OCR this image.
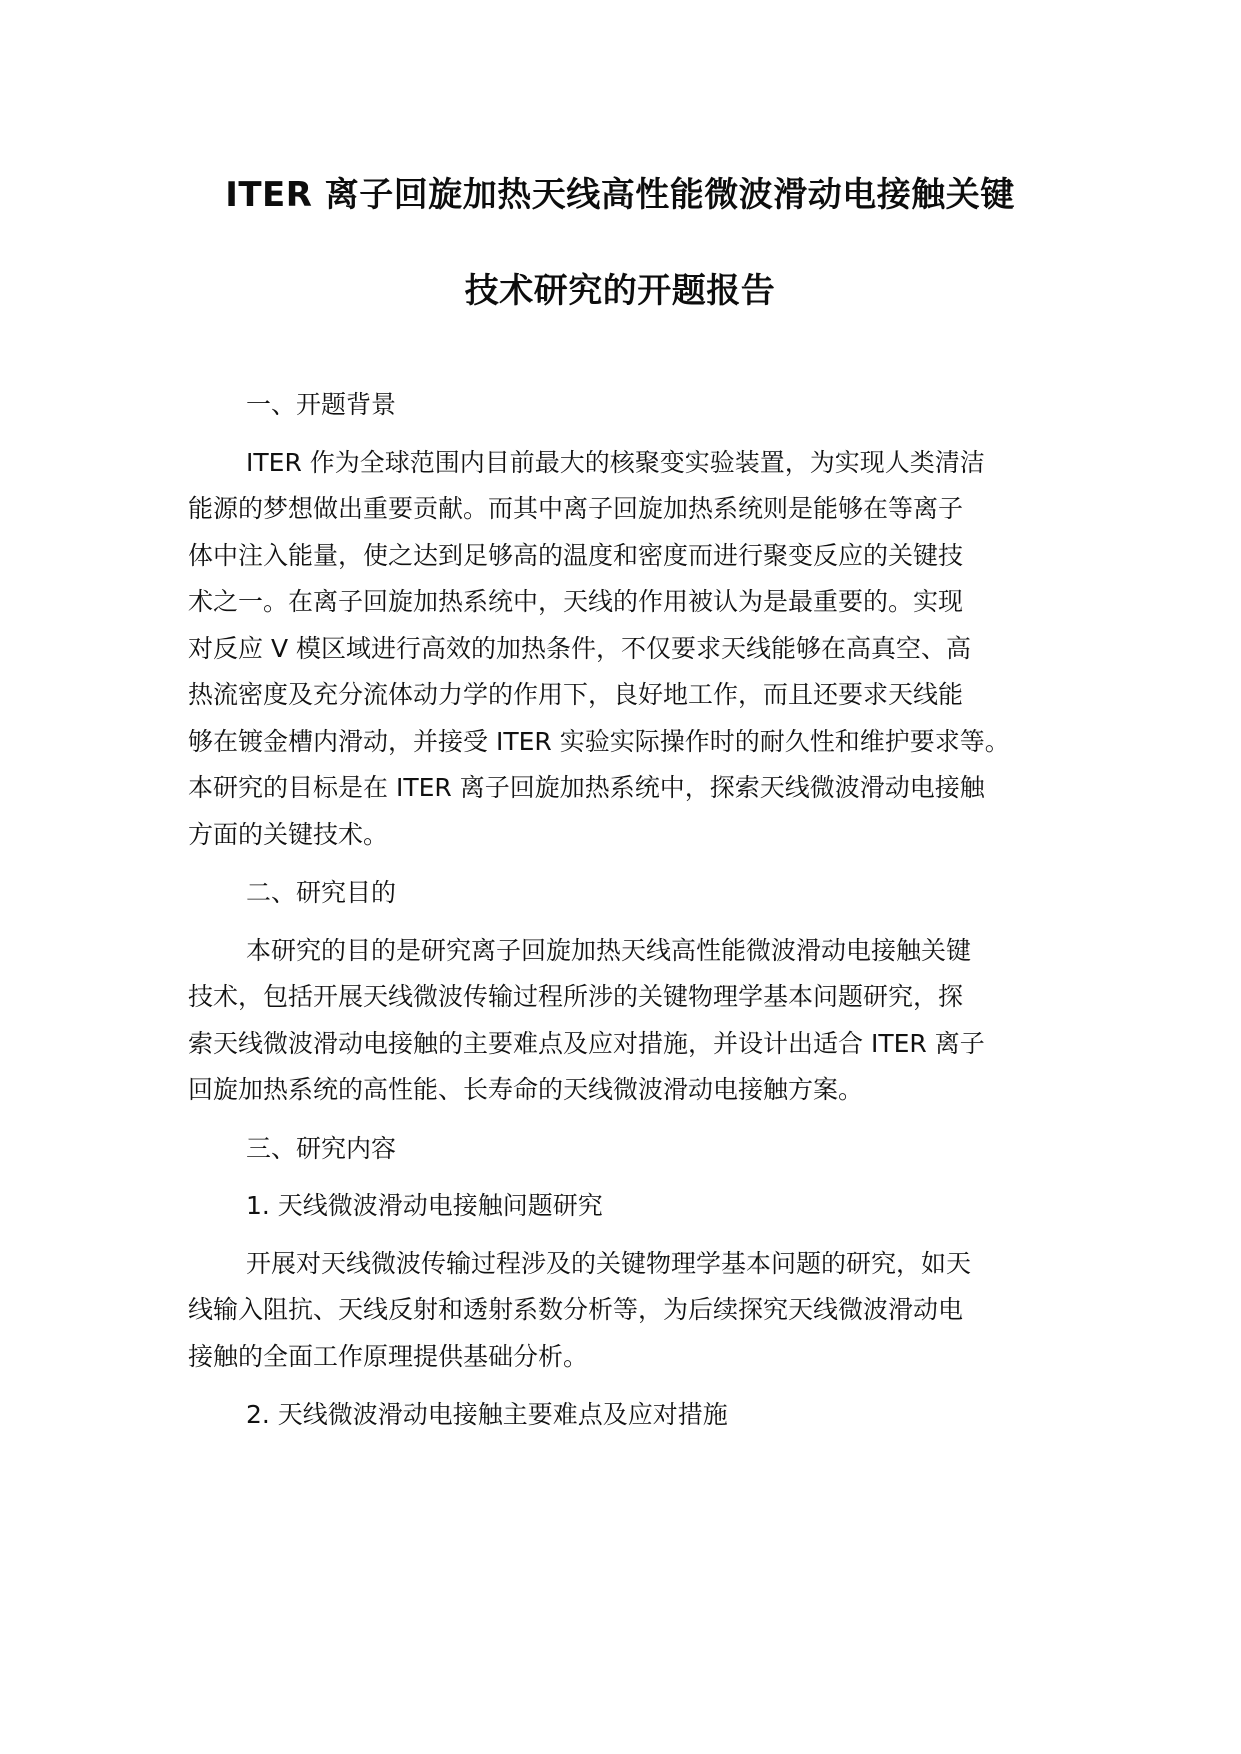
ITER 离子回旋加热天线高性能微波滑动电接触关键
技术研究的开题报告

一、开题背景

ITER 作为全球范围内目前最大的核聚变实验装置，为实现人类清洁
能源的梦想做出重要贡献。而其中离子回旋加热系统则是能够在等离子
体中注入能量，使之达到足够高的温度和密度而进行聚变反应的关键技
术之一。在离子回旋加热系统中，天线的作用被认为是最重要的。实现
对反应 V 模区域进行高效的加热条件，不仅要求天线能够在高真空、高
热流密度及充分流体动力学的作用下，良好地工作，而且还要求天线能
够在镀金槽内滑动，并接受 ITER 实验实际操作时的耐久性和维护要求等。
本研究的目标是在 ITER 离子回旋加热系统中，探索天线微波滑动电接触
方面的关键技术。

二、研究目的

本研究的目的是研究离子回旋加热天线高性能微波滑动电接触关键
技术，包括开展天线微波传输过程所涉的关键物理学基本问题研究，探
索天线微波滑动电接触的主要难点及应对措施，并设计出适合 ITER 离子
回旋加热系统的高性能、长寿命的天线微波滑动电接触方案。

三、研究内容

1. 天线微波滑动电接触问题研究

开展对天线微波传输过程涉及的关键物理学基本问题的研究，如天
线输入阻抗、天线反射和透射系数分析等，为后续探究天线微波滑动电
接触的全面工作原理提供基础分析。

2. 天线微波滑动电接触主要难点及应对措施
